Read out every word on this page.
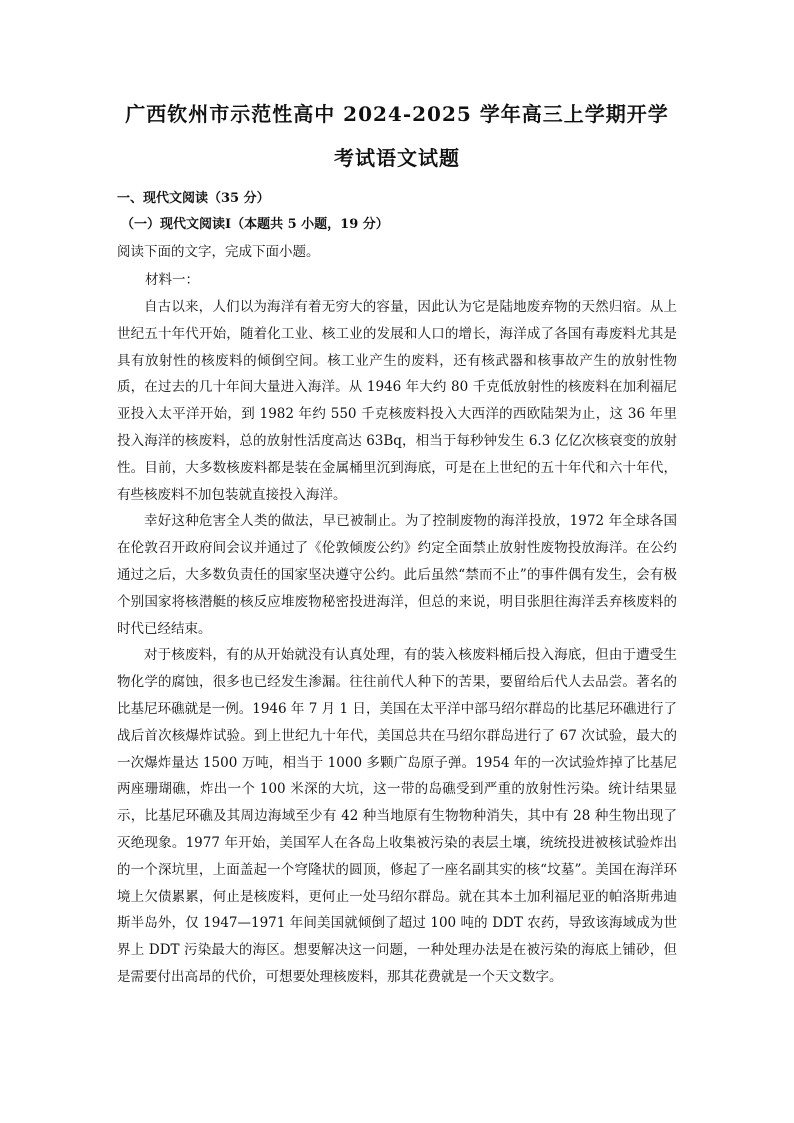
广西钦州市示范性高中 2024-2025 学年高三上学期开学
考试语文试题
一、现代文阅读（35 分）
（一）现代文阅读Ⅰ（本题共 5 小题，19 分）
阅读下面的文字，完成下面小题。
材料一：

自古以来，人们以为海洋有着无穷大的容量，因此认为它是陆地废弃物的天然归宿。从上世纪五十年代开始，随着化工业、核工业的发展和人口的增长，海洋成了各国有毒废料尤其是具有放射性的核废料的倾倒空间。核工业产生的废料，还有核武器和核事故产生的放射性物质，在过去的几十年间大量进入海洋。从 1946 年大约 80 千克低放射性的核废料在加利福尼亚投入太平洋开始，到 1982 年约 550 千克核废料投入大西洋的西欧陆架为止，这 36 年里投入海洋的核废料，总的放射性活度高达 63Bq，相当于每秒钟发生 6.3 亿亿次核衰变的放射性。目前，大多数核废料都是装在金属桶里沉到海底，可是在上世纪的五十年代和六十年代，有些核废料不加包装就直接投入海洋。

幸好这种危害全人类的做法，早已被制止。为了控制废物的海洋投放，1972 年全球各国在伦敦召开政府间会议并通过了《伦敦倾废公约》约定全面禁止放射性废物投放海洋。在公约通过之后，大多数负责任的国家坚决遵守公约。此后虽然“禁而不止”的事件偶有发生，会有极个别国家将核潜艇的核反应堆废物秘密投进海洋，但总的来说，明目张胆往海洋丢弃核废料的时代已经结束。

对于核废料，有的从开始就没有认真处理，有的装入核废料桶后投入海底，但由于遭受生物化学的腐蚀，很多也已经发生渗漏。往往前代人种下的苦果，要留给后代人去品尝。著名的比基尼环礁就是一例。1946 年 7 月 1 日，美国在太平洋中部马绍尔群岛的比基尼环礁进行了战后首次核爆炸试验。到上世纪九十年代，美国总共在马绍尔群岛进行了 67 次试验，最大的一次爆炸量达 1500 万吨，相当于 1000 多颗广岛原子弹。1954 年的一次试验炸掉了比基尼两座珊瑚礁，炸出一个 100 米深的大坑，这一带的岛礁受到严重的放射性污染。统计结果显示，比基尼环礁及其周边海域至少有 42 种当地原有生物物种消失，其中有 28 种生物出现了灭绝现象。1977 年开始，美国军人在各岛上收集被污染的表层土壤，统统投进被核试验炸出的一个深坑里，上面盖起一个穹隆状的圆顶，修起了一座名副其实的核“坟墓”。美国在海洋环境上欠债累累，何止是核废料，更何止一处马绍尔群岛。就在其本土加利福尼亚的帕洛斯弗迪斯半岛外，仅 1947—1971 年间美国就倾倒了超过 100 吨的 DDT 农药，导致该海域成为世界上 DDT 污染最大的海区。想要解决这一问题，一种处理办法是在被污染的海底上铺砂，但是需要付出高昂的代价，可想要处理核废料，那其花费就是一个天文数字。
